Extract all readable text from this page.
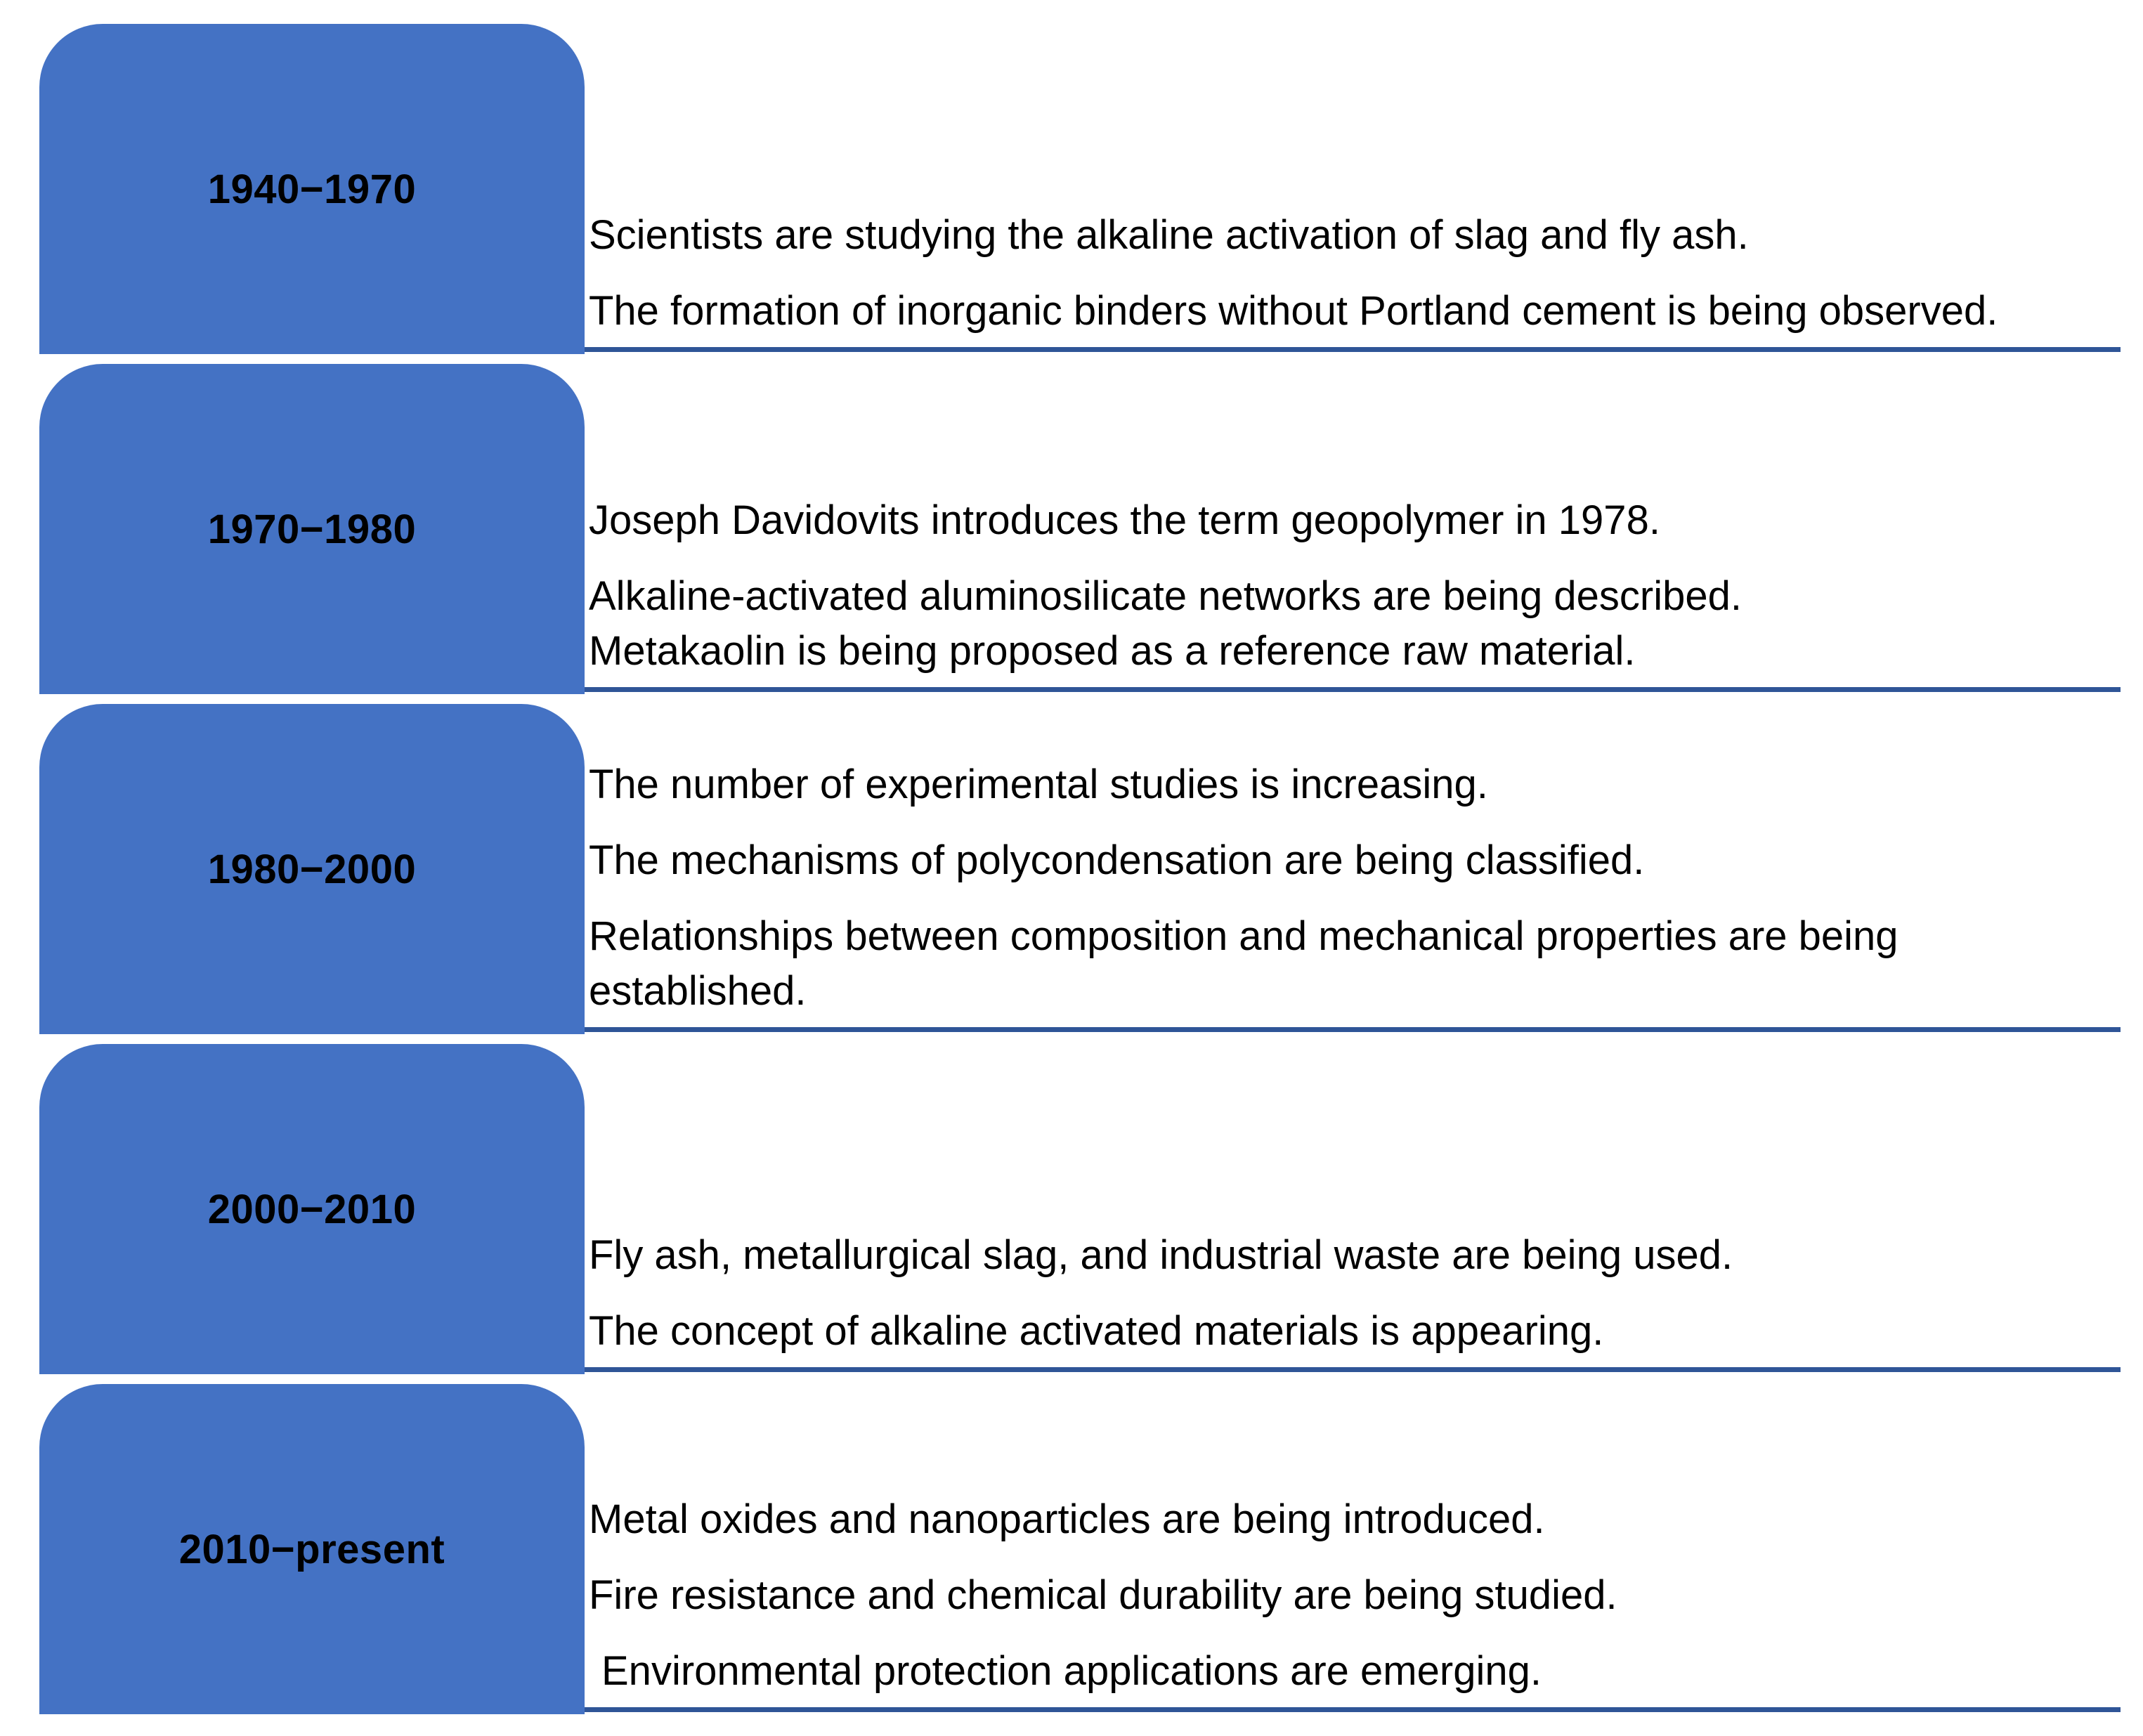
1940−1970
Scientists are studying the alkaline activation of slag and fly ash.
The formation of inorganic binders without Portland cement is being observed.
1970−1980	Joseph Davidovits introduces the term geopolymer in 1978.
Alkaline-activated aluminosilicate networks are being described.
Metakaolin is being proposed as a reference raw material.
1980−2000
The number of experimental studies is increasing.
The mechanisms of polycondensation are being classified.
Relationships between composition and mechanical properties are being established.
2000−2010
Fly ash, metallurgical slag, and industrial waste are being used.
The concept of alkaline activated materials is appearing.
2010−present
Metal oxides and nanoparticles are being introduced.
Fire resistance and chemical durability are being studied.
Environmental protection applications are emerging.
